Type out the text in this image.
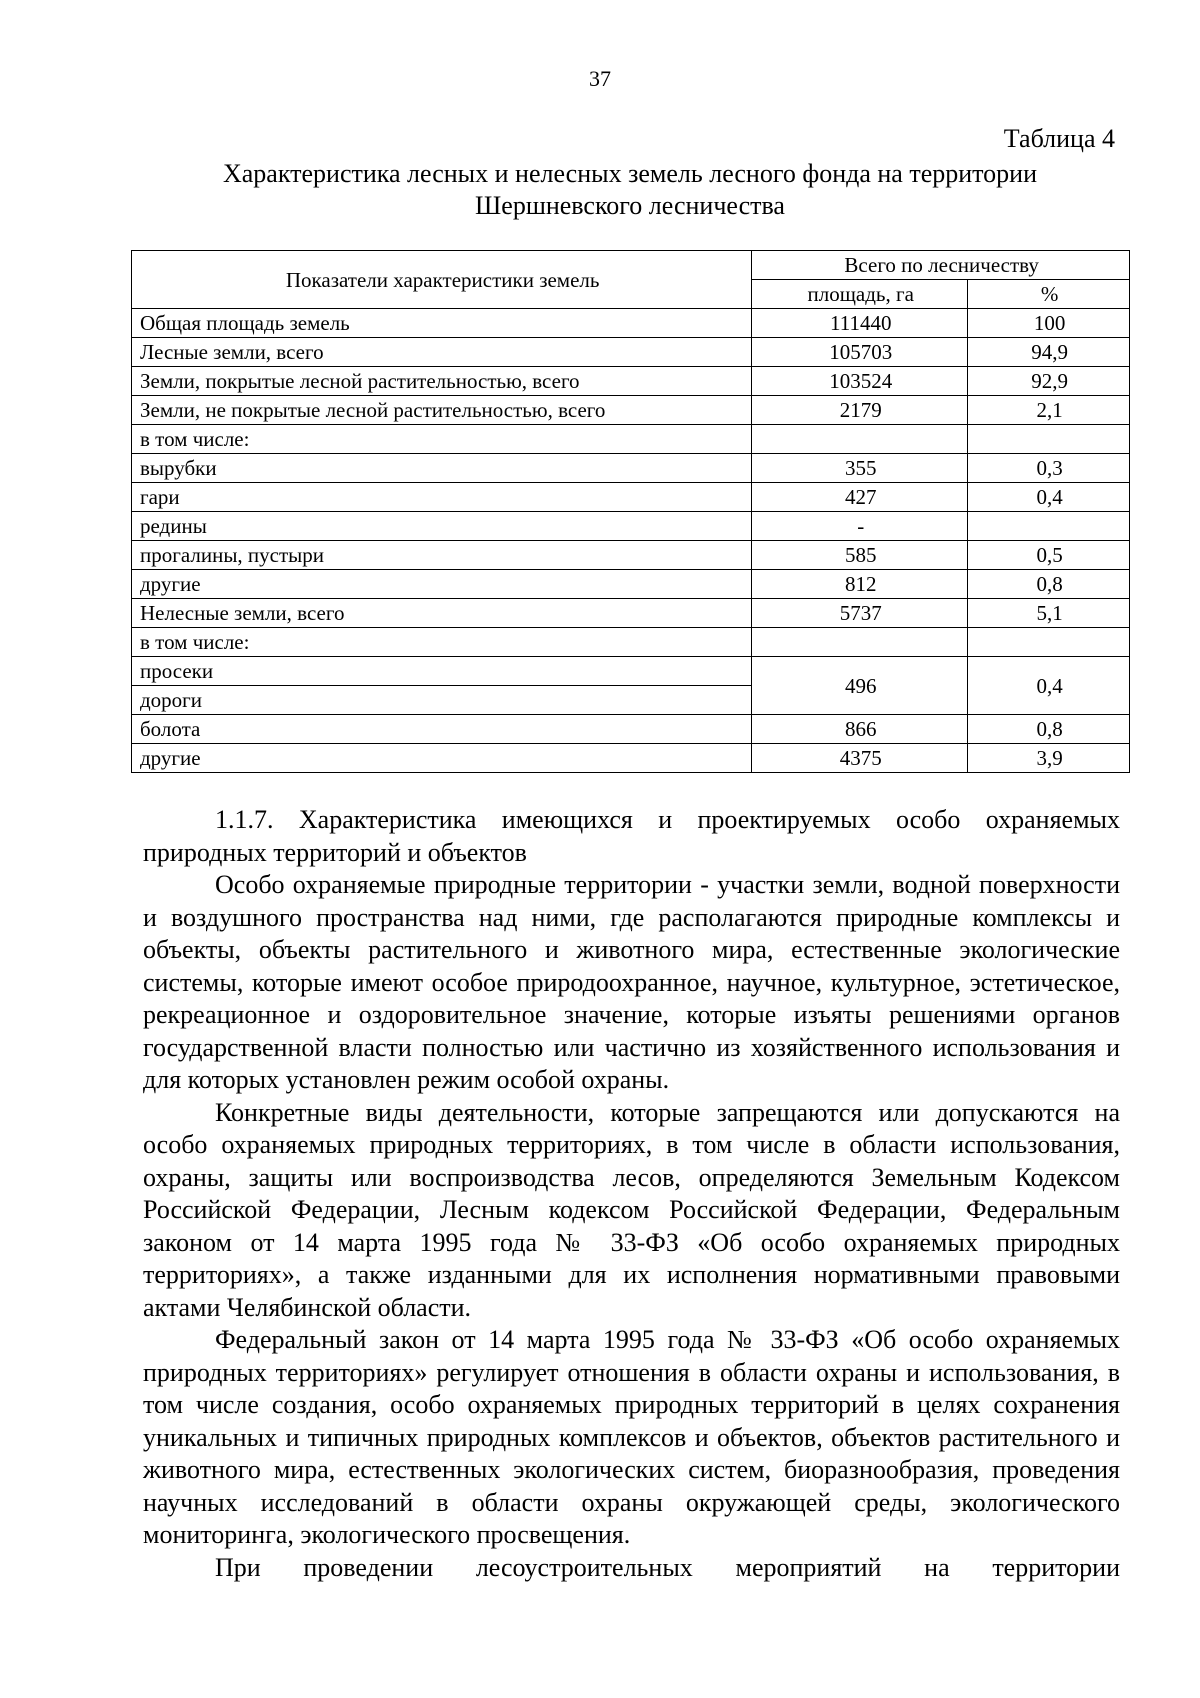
37
Таблица 4
Характеристика лесных и нелесных земель лесного фонда на территории
Шершневского лесничества
Показатели характеристики земель	Всего по лесничеству	
	площадь, га	%
Общая площадь земель	111440	100
Лесные земли, всего	105703	94,9
Земли, покрытые лесной растительностью, всего	103524	92,9
Земли, не покрытые лесной растительностью, всего	2179	2,1
в том числе:		
вырубки	355	0,3
гари	427	0,4
редины	-	
прогалины, пустыри	585	0,5
другие	812	0,8
Нелесные земли, всего	5737	5,1
в том числе:		
просеки	496	0,4
дороги		
болота	866	0,8
другие	4375	3,9

1.1.7. Характеристика имеющихся и проектируемых особо охраняемых природных территорий и объектов

Особо охраняемые природные территории - участки земли, водной поверхности и воздушного пространства над ними, где располагаются природные комплексы и объекты, объекты растительного и животного мира, естественные экологические системы, которые имеют особое природоохранное, научное, культурное, эстетическое, рекреационное и оздоровительное значение, которые изъяты решениями органов государственной власти полностью или частично из хозяйственного использования и для которых установлен режим особой охраны.

Конкретные виды деятельности, которые запрещаются или допускаются на особо охраняемых природных территориях, в том числе в области использования, охраны, защиты или воспроизводства лесов, определяются Земельным Кодексом Российской Федерации, Лесным кодексом Российской Федерации, Федеральным законом от 14 марта 1995 года № 33-ФЗ «Об особо охраняемых природных территориях», а также изданными для их исполнения нормативными правовыми актами Челябинской области.

Федеральный закон от 14 марта 1995 года № 33-ФЗ «Об особо охраняемых природных территориях» регулирует отношения в области охраны и использования, в том числе создания, особо охраняемых природных территорий в целях сохранения уникальных и типичных природных комплексов и объектов, объектов растительного и животного мира, естественных экологических систем, биоразнообразия, проведения научных исследований в области охраны окружающей среды, экологического мониторинга, экологического просвещения.

При проведении лесоустроительных мероприятий на территории
